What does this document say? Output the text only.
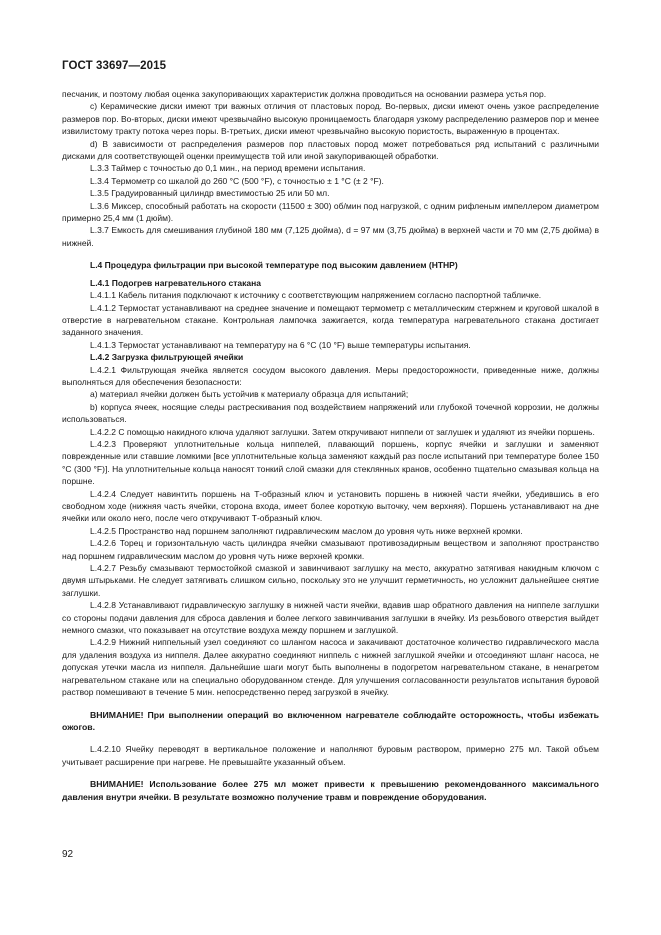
ГОСТ 33697—2015

песчаник, и поэтому любая оценка закупоривающих характеристик должна проводиться на основании размера устья пор.

c) Керамические диски имеют три важных отличия от пластовых пород. Во-первых, диски имеют очень узкое распределение размеров пор. Во-вторых, диски имеют чрезвычайно высокую проницаемость благодаря узкому распределению размеров пор и менее извилистому тракту потока через поры. В-третьих, диски имеют чрезвычайно высокую пористость, выраженную в процентах.

d) В зависимости от распределения размеров пор пластовых пород может потребоваться ряд испытаний с различными дисками для соответствующей оценки преимуществ той или иной закупоривающей обработки.

L.3.3 Таймер с точностью до 0,1 мин., на период времени испытания.

L.3.4 Термометр со шкалой до 260 °С (500 °F), с точностью ± 1 °С (± 2 °F).

L.3.5 Градуированный цилиндр вместимостью 25 или 50 мл.

L.3.6 Миксер, способный работать на скорости (11500 ± 300) об/мин под нагрузкой, с одним рифленым импеллером диаметром примерно 25,4 мм (1 дюйм).

L.3.7 Емкость для смешивания глубиной 180 мм (7,125 дюйма), d = 97 мм (3,75 дюйма) в верхней части и 70 мм (2,75 дюйма) в нижней.

L.4 Процедура фильтрации при высокой температуре под высоким давлением (HTHP)

L.4.1 Подогрев нагревательного стакана

L.4.1.1 Кабель питания подключают к источнику с соответствующим напряжением согласно паспортной табличке.

L.4.1.2 Термостат устанавливают на среднее значение и помещают термометр с металлическим стержнем и круговой шкалой в отверстие в нагревательном стакане. Контрольная лампочка зажигается, когда температура нагревательного стакана достигает заданного значения.

L.4.1.3 Термостат устанавливают на температуру на 6 °С (10 °F) выше температуры испытания.

L.4.2 Загрузка фильтрующей ячейки

L.4.2.1 Фильтрующая ячейка является сосудом высокого давления. Меры предосторожности, приведенные ниже, должны выполняться для обеспечения безопасности:

a) материал ячейки должен быть устойчив к материалу образца для испытаний;

b) корпуса ячеек, носящие следы растрескивания под воздействием напряжений или глубокой точечной коррозии, не должны использоваться.

L.4.2.2 С помощью накидного ключа удаляют заглушки. Затем откручивают ниппели от заглушек и удаляют из ячейки поршень.

L.4.2.3 Проверяют уплотнительные кольца ниппелей, плавающий поршень, корпус ячейки и заглушки и заменяют поврежденные или ставшие ломкими [все уплотнительные кольца заменяют каждый раз после испытаний при температуре более 150 °С (300 °F)]. На уплотнительные кольца наносят тонкий слой смазки для стеклянных кранов, особенно тщательно смазывая кольца на поршне.

L.4.2.4 Следует навинтить поршень на Т-образный ключ и установить поршень в нижней части ячейки, убедившись в его свободном ходе (нижняя часть ячейки, сторона входа, имеет более короткую выточку, чем верхняя). Поршень устанавливают на дне ячейки или около него, после чего откручивают Т-образный ключ.

L.4.2.5 Пространство над поршнем заполняют гидравлическим маслом до уровня чуть ниже верхней кромки.

L.4.2.6 Торец и горизонтальную часть цилиндра ячейки смазывают противозадирным веществом и заполняют пространство над поршнем гидравлическим маслом до уровня чуть ниже верхней кромки.

L.4.2.7 Резьбу смазывают термостойкой смазкой и завинчивают заглушку на место, аккуратно затягивая накидным ключом с двумя штырьками. Не следует затягивать слишком сильно, поскольку это не улучшит герметичность, но усложнит дальнейшее снятие заглушки.

L.4.2.8 Устанавливают гидравлическую заглушку в нижней части ячейки, вдавив шар обратного давления на ниппеле заглушки со стороны подачи давления для сброса давления и более легкого завинчивания заглушки в ячейку. Из резьбового отверстия выйдет немного смазки, что показывает на отсутствие воздуха между поршнем и заглушкой.

L.4.2.9 Нижний ниппельный узел соединяют со шлангом насоса и закачивают достаточное количество гидравлического масла для удаления воздуха из ниппеля. Далее аккуратно соединяют ниппель с нижней заглушкой ячейки и отсоединяют шланг насоса, не допуская утечки масла из ниппеля. Дальнейшие шаги могут быть выполнены в подогретом нагревательном стакане, в ненагретом нагревательном стакане или на специально оборудованном стенде. Для улучшения согласованности результатов испытания буровой раствор помешивают в течение 5 мин. непосредственно перед загрузкой в ячейку.

ВНИМАНИЕ! При выполнении операций во включенном нагревателе соблюдайте осторожность, чтобы избежать ожогов.

L.4.2.10 Ячейку переводят в вертикальное положение и наполняют буровым раствором, примерно 275 мл. Такой объем учитывает расширение при нагреве. Не превышайте указанный объем.

ВНИМАНИЕ! Использование более 275 мл может привести к превышению рекомендованного максимального давления внутри ячейки. В результате возможно получение травм и повреждение оборудования.

92
